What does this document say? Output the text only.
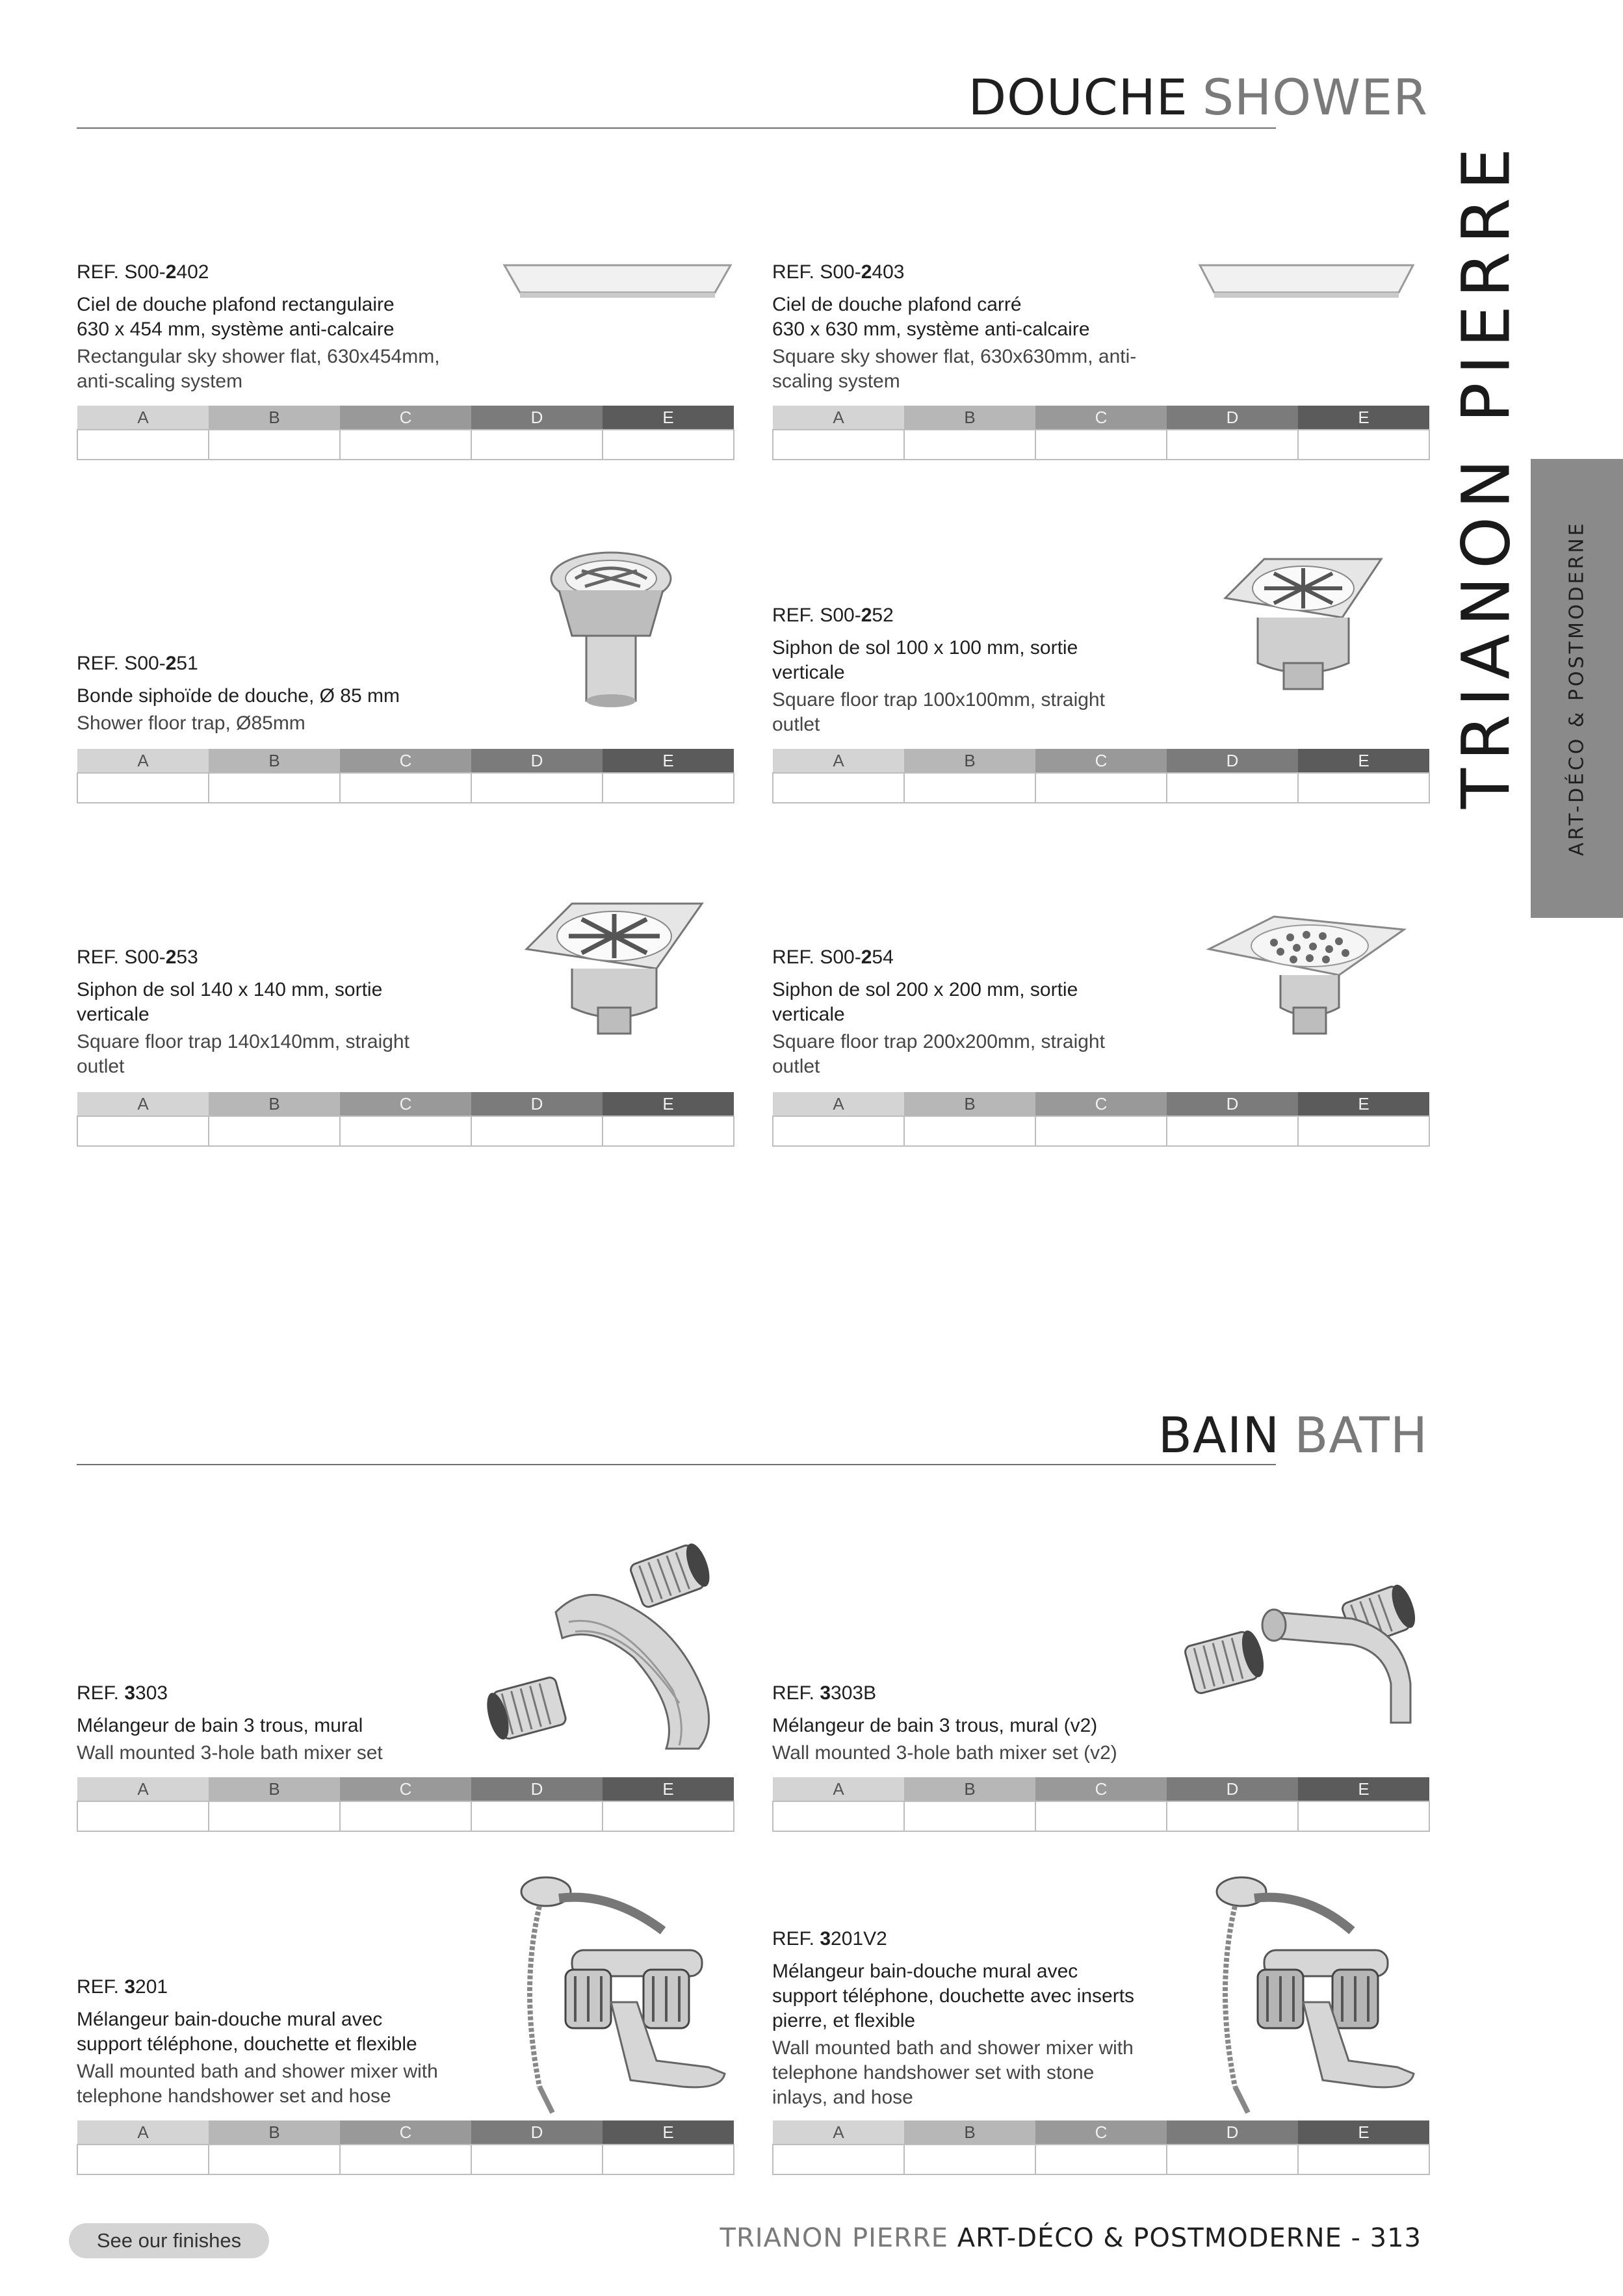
DOUCHE SHOWER
BAIN BATH
TRIANON PIERRE ART-DÉCO & POSTMODERNE
REF. S00-2402
Ciel de douche plafond rectangulaire
630 x 454 mm, système anti-calcaire
Rectangular sky shower flat, 630x454mm,
anti-scaling system
A	B	C	D	E

REF. S00-2403
Ciel de douche plafond carré
630 x 630 mm, système anti-calcaire
Square sky shower flat, 630x630mm, anti-
scaling system
A	B	C	D	E

REF. S00-251
Bonde siphoïde de douche, Ø 85 mm
Shower floor trap, Ø85mm
A	B	C	D	E

REF. S00-252
Siphon de sol 100 x 100 mm, sortie
verticale
Square floor trap 100x100mm, straight
outlet
A	B	C	D	E

REF. S00-253
Siphon de sol 140 x 140 mm, sortie
verticale
Square floor trap 140x140mm, straight
outlet
A	B	C	D	E

REF. S00-254
Siphon de sol 200 x 200 mm, sortie
verticale
Square floor trap 200x200mm, straight
outlet
A	B	C	D	E

REF. 3303
Mélangeur de bain 3 trous, mural
Wall mounted 3-hole bath mixer set
A	B	C	D	E

REF. 3303B
Mélangeur de bain 3 trous, mural (v2)
Wall mounted 3-hole bath mixer set (v2)
A	B	C	D	E

REF. 3201
Mélangeur bain-douche mural avec
support téléphone, douchette et flexible
Wall mounted bath and shower mixer with
telephone handshower set and hose
A	B	C	D	E

REF. 3201V2
Mélangeur bain-douche mural avec
support téléphone, douchette avec inserts
pierre, et flexible
Wall mounted bath and shower mixer with
telephone handshower set with stone
inlays, and hose
A	B	C	D	E

See our finishes	TRIANON PIERRE ART-DÉCO & POSTMODERNE - 313
